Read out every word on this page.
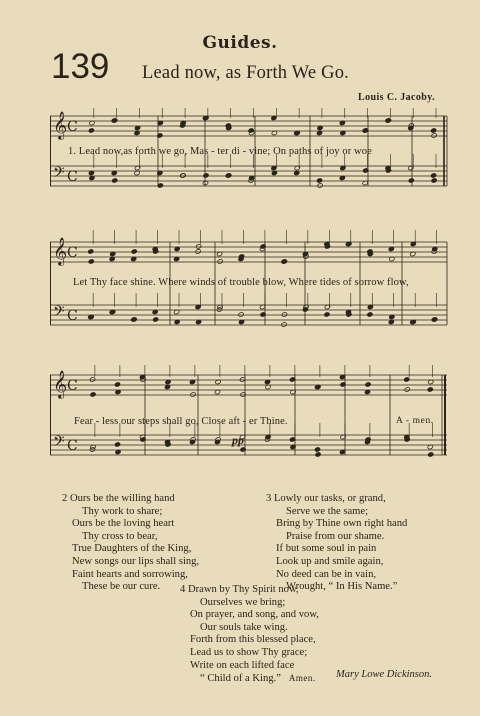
Guides.
139 Lead now, as Forth We Go.
Louis C. Jacoby.
𝄞
𝄢
C
C
1. Lead now,as forth we go, Mas - ter di - vine; On paths of joy or woe
𝄞
𝄢
C
C
Let Thy face shine. Where winds of trouble blow, Where tides of sorrow flow,
𝄞
𝄢
C
C
Fear - less our steps shall go, Close aft - er Thine.	A - men.
pp
2 Ours be the willing hand
Thy work to share;
Ours be the loving heart
Thy cross to bear,
True Daughters of the King,
New songs our lips shall sing,
Faint hearts and sorrowing,
These be our cure.
3 Lowly our tasks, or grand,
Serve we the same;
Bring by Thine own right hand
Praise from our shame.
If but some soul in pain
Look up and smile again,
No deed can be in vain,
Wrought, “ In His Name.”
4 Drawn by Thy Spirit now,
Ourselves we bring;
On prayer, and song, and vow,
Our souls take wing.
Forth from this blessed place,
Lead us to show Thy grace;
Write on each lifted face
“ Child of a King.” Amen.	Mary Lowe Dickinson.
